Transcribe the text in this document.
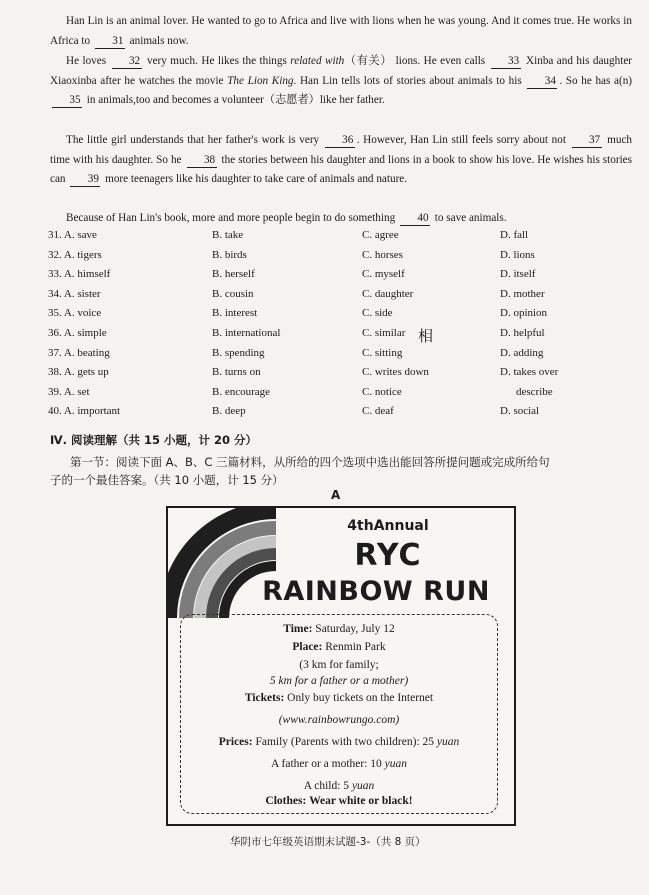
Han Lin is an animal lover. He wanted to go to Africa and live with lions when he was young. And it comes true. He works in Africa to 31 animals now.
He loves 32 very much. He likes the things related with（有关） lions. He even calls 33 Xinba and his daughter Xiaoxinba after he watches the movie The Lion King. Han Lin tells lots of stories about animals to his 34 . So he has a(n) 35 in animals,too and becomes a volunteer（志愿者）like her father.
The little girl understands that her father's work is very 36 . However, Han Lin still feels sorry about not 37 much time with his daughter. So he 38 the stories between his daughter and lions in a book to show his love. He wishes his stories can 39 more teenagers like his daughter to take care of animals and nature.
Because of Han Lin's book, more and more people begin to do something 40 to save animals.
31. A. save	B. take	C. agree	D. fall
32. A. tigers	B. birds	C. horses	D. lions
33. A. himself	B. herself	C. myself	D. itself
34. A. sister	B. cousin	C. daughter	D. mother
35. A. voice	B. interest	C. side	D. opinion
36. A. simple	B. international	C. similar	D. helpful
37. A. beating	B. spending	C. sitting	D. adding
38. A. gets up	B. turns on	C. writes down	D. takes over
39. A. set	B. encourage	C. notice	describe
40. A. important	B. deep	C. deaf	D. social
相
Ⅳ. 阅读理解（共 15 小题，计 20 分）
第一节：阅读下面 A、B、C 三篇材料，从所给的四个选项中选出能回答所提问题或完成所给句
子的一个最佳答案。（共 10 小题，计 15 分）
A
4thAnnual
RYC
RAINBOW RUN
Time: Saturday, July 12
Place: Renmin Park
(3 km for family;
5 km for a father or a mother)
Tickets: Only buy tickets on the Internet
(www.rainbowrungo.com)
Prices: Family (Parents with two children): 25 yuan
A father or a mother: 10 yuan
A child: 5 yuan
Clothes: Wear white or black!
华阴市七年级英语期末试题-3-（共 8 页）
